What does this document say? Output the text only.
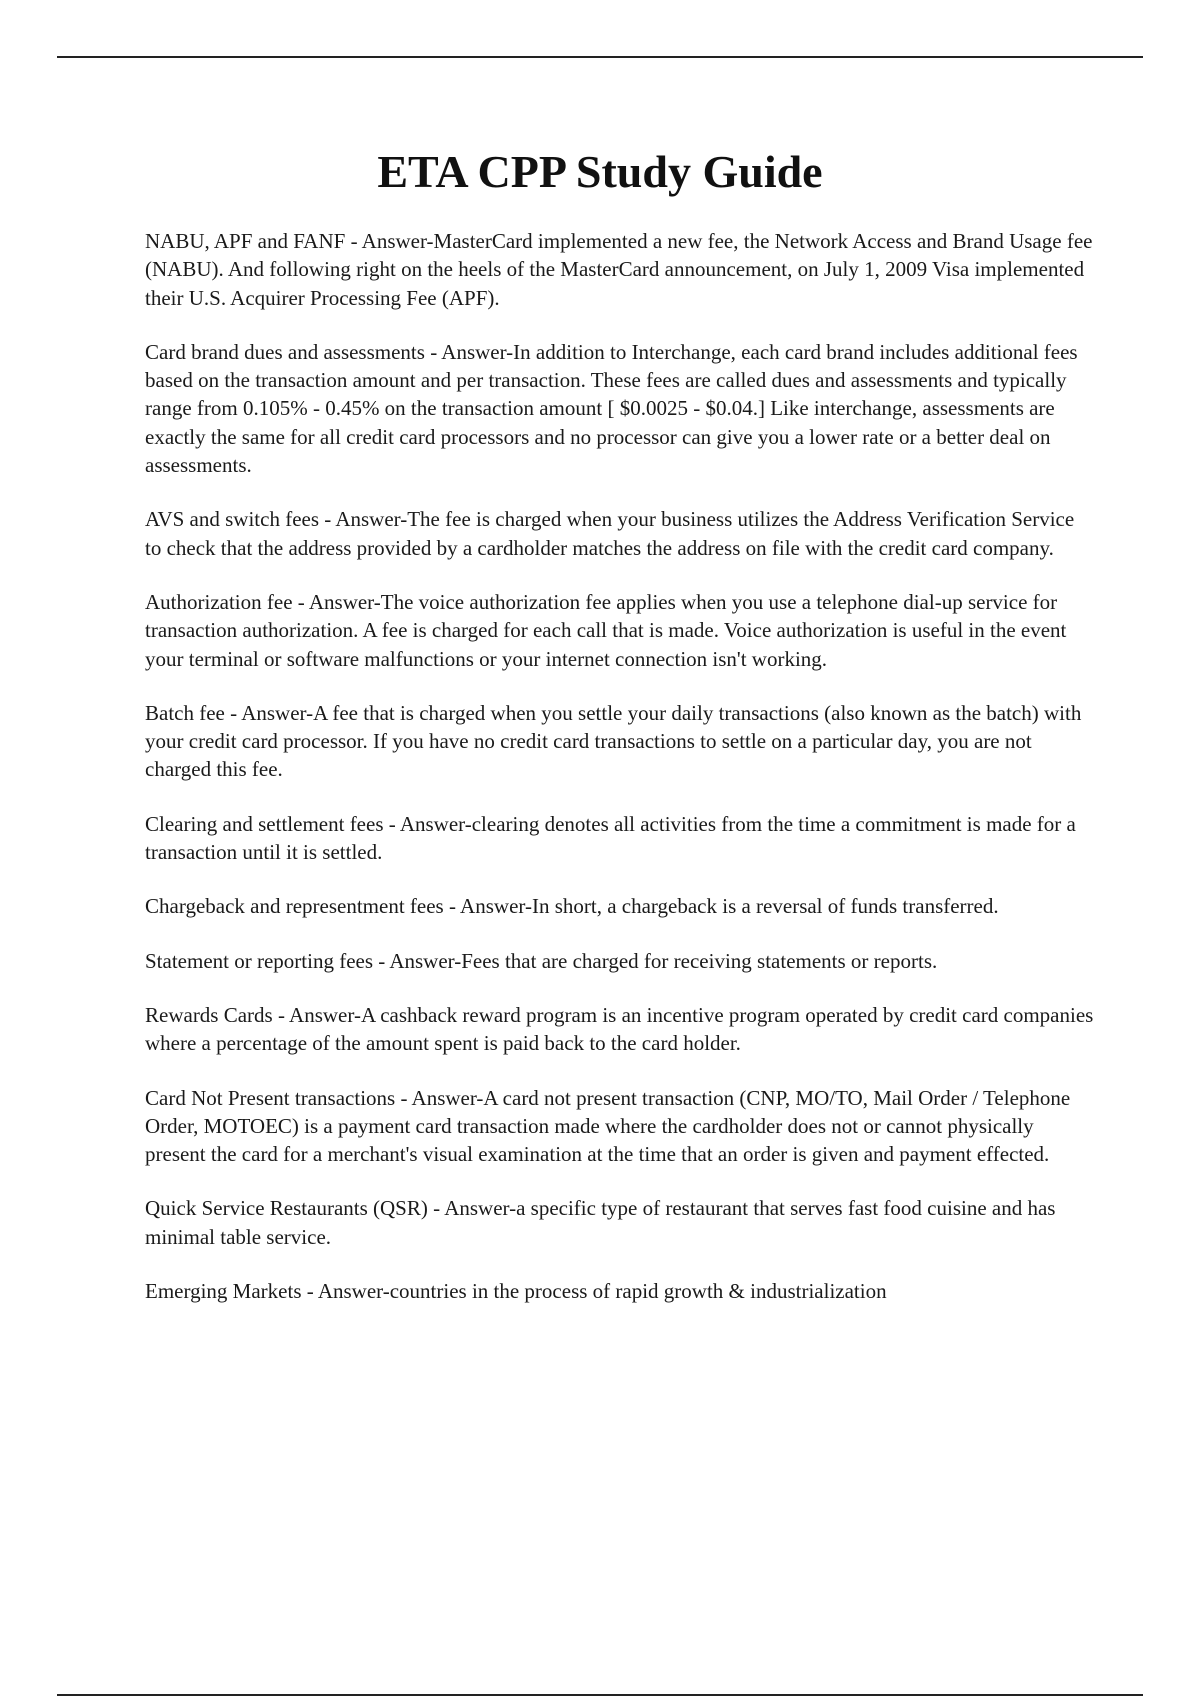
ETA CPP Study Guide

NABU, APF and FANF - Answer-MasterCard implemented a new fee, the Network Access and Brand Usage fee (NABU). And following right on the heels of the MasterCard announcement, on July 1, 2009 Visa implemented their U.S. Acquirer Processing Fee (APF).

Card brand dues and assessments - Answer-In addition to Interchange, each card brand includes additional fees based on the transaction amount and per transaction. These fees are called dues and assessments and typically range from 0.105% - 0.45% on the transaction amount [ $0.0025 - $0.04.] Like interchange, assessments are exactly the same for all credit card processors and no processor can give you a lower rate or a better deal on assessments.

AVS and switch fees - Answer-The fee is charged when your business utilizes the Address Verification Service to check that the address provided by a cardholder matches the address on file with the credit card company.

Authorization fee - Answer-The voice authorization fee applies when you use a telephone dial-up service for transaction authorization. A fee is charged for each call that is made. Voice authorization is useful in the event your terminal or software malfunctions or your internet connection isn't working.

Batch fee - Answer-A fee that is charged when you settle your daily transactions (also known as the batch) with your credit card processor. If you have no credit card transactions to settle on a particular day, you are not charged this fee.

Clearing and settlement fees - Answer-clearing denotes all activities from the time a commitment is made for a transaction until it is settled.

Chargeback and representment fees - Answer-In short, a chargeback is a reversal of funds transferred.

Statement or reporting fees - Answer-Fees that are charged for receiving statements or reports.

Rewards Cards - Answer-A cashback reward program is an incentive program operated by credit card companies where a percentage of the amount spent is paid back to the card holder.

Card Not Present transactions - Answer-A card not present transaction (CNP, MO/TO, Mail Order / Telephone Order, MOTOEC) is a payment card transaction made where the cardholder does not or cannot physically present the card for a merchant's visual examination at the time that an order is given and payment effected.

Quick Service Restaurants (QSR) - Answer-a specific type of restaurant that serves fast food cuisine and has minimal table service.

Emerging Markets - Answer-countries in the process of rapid growth & industrialization
